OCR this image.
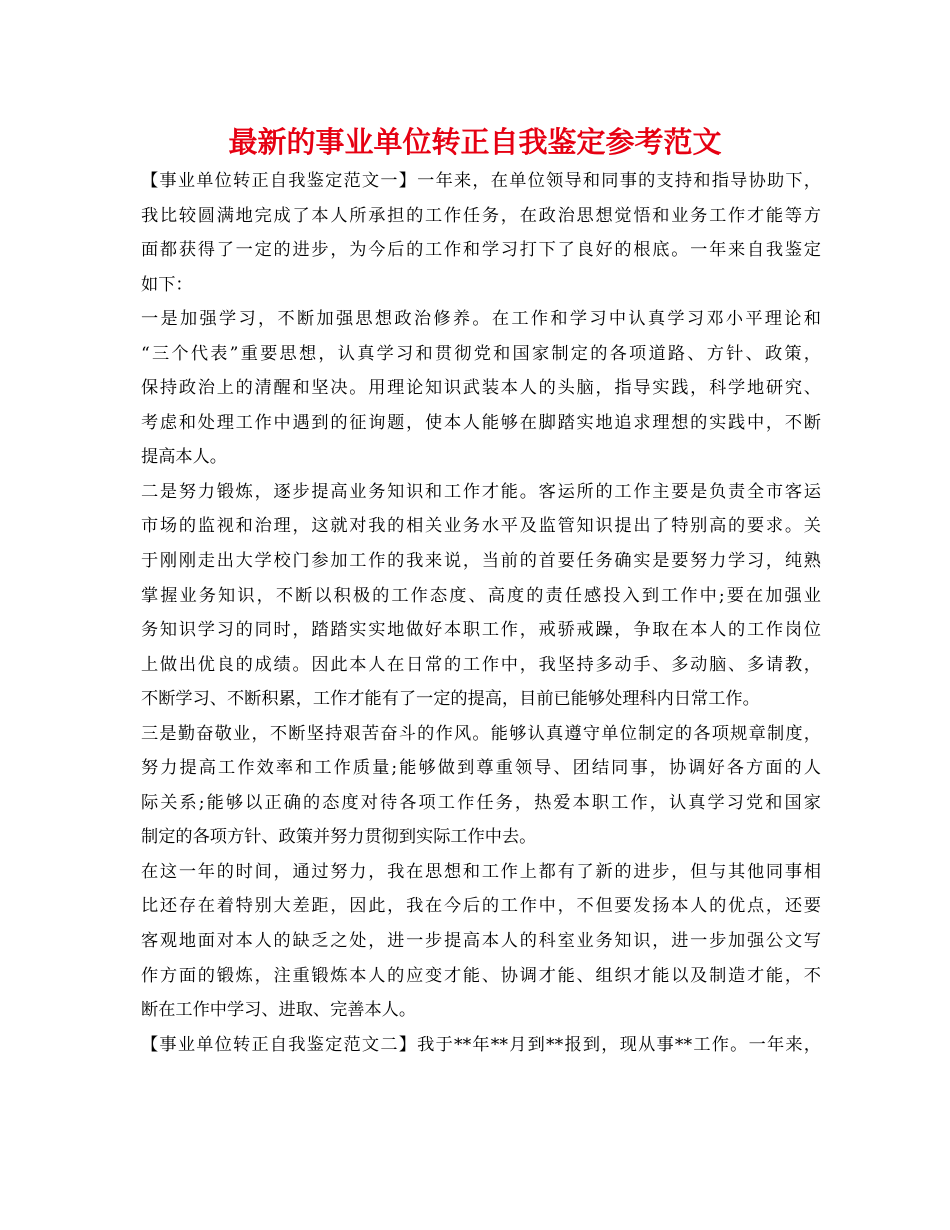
最新的事业单位转正自我鉴定参考范文
【事业单位转正自我鉴定范文一】一年来，在单位领导和同事的支持和指导协助下，
我比较圆满地完成了本人所承担的工作任务，在政治思想觉悟和业务工作才能等方
面都获得了一定的进步，为今后的工作和学习打下了良好的根底。一年来自我鉴定
如下：
一是加强学习，不断加强思想政治修养。在工作和学习中认真学习邓小平理论和
“三个代表”重要思想，认真学习和贯彻党和国家制定的各项道路、方针、政策，
保持政治上的清醒和坚决。用理论知识武装本人的头脑，指导实践，科学地研究、
考虑和处理工作中遇到的征询题，使本人能够在脚踏实地追求理想的实践中，不断
提高本人。
二是努力锻炼，逐步提高业务知识和工作才能。客运所的工作主要是负责全市客运
市场的监视和治理，这就对我的相关业务水平及监管知识提出了特别高的要求。关
于刚刚走出大学校门参加工作的我来说，当前的首要任务确实是要努力学习，纯熟
掌握业务知识，不断以积极的工作态度、高度的责任感投入到工作中;要在加强业
务知识学习的同时，踏踏实实地做好本职工作，戒骄戒躁，争取在本人的工作岗位
上做出优良的成绩。因此本人在日常的工作中，我坚持多动手、多动脑、多请教，
不断学习、不断积累，工作才能有了一定的提高，目前已能够处理科内日常工作。
三是勤奋敬业，不断坚持艰苦奋斗的作风。能够认真遵守单位制定的各项规章制度，
努力提高工作效率和工作质量;能够做到尊重领导、团结同事，协调好各方面的人
际关系;能够以正确的态度对待各项工作任务，热爱本职工作，认真学习党和国家
制定的各项方针、政策并努力贯彻到实际工作中去。
在这一年的时间，通过努力，我在思想和工作上都有了新的进步，但与其他同事相
比还存在着特别大差距，因此，我在今后的工作中，不但要发扬本人的优点，还要
客观地面对本人的缺乏之处，进一步提高本人的科室业务知识，进一步加强公文写
作方面的锻炼，注重锻炼本人的应变才能、协调才能、组织才能以及制造才能，不
断在工作中学习、进取、完善本人。
【事业单位转正自我鉴定范文二】我于**年**月到**报到，现从事**工作。一年来，
